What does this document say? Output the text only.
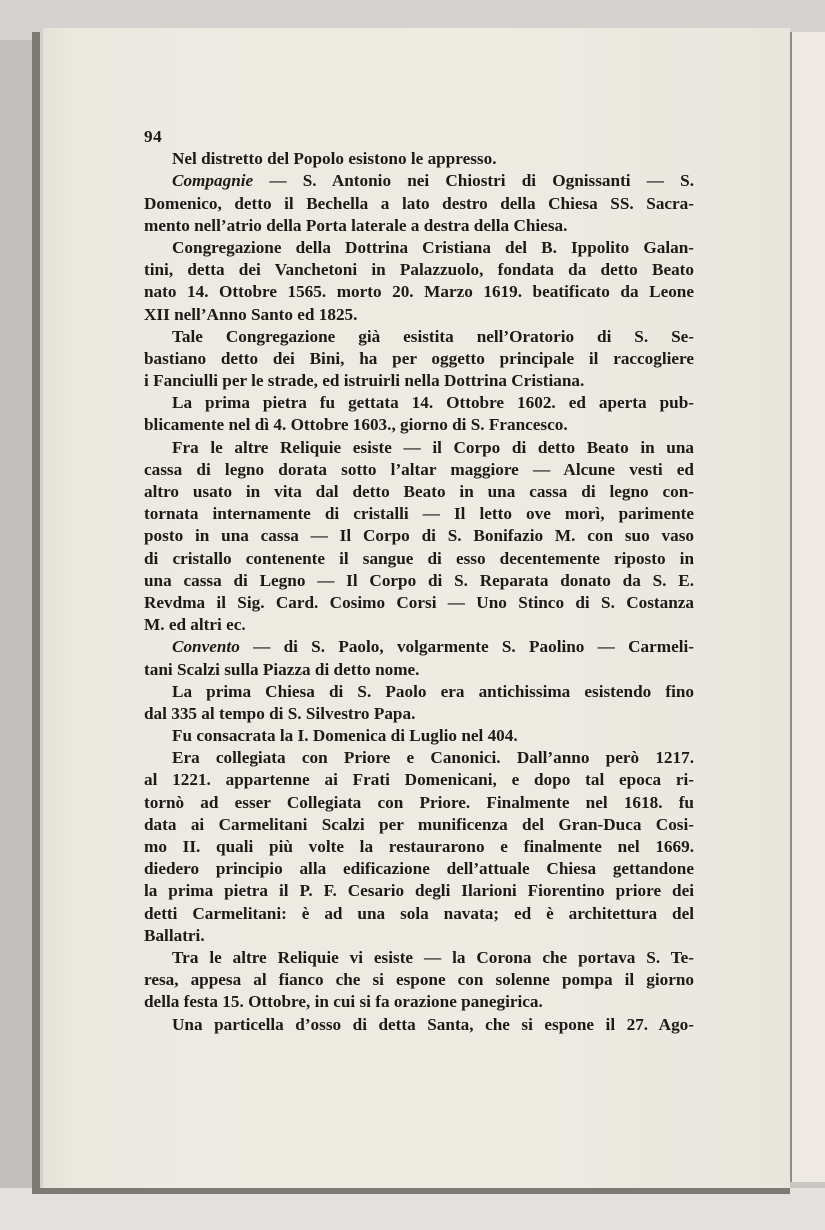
94
Nel distretto del Popolo esistono le appresso.
Compagnie — S. Antonio nei Chiostri di Ognissanti — S.
Domenico, detto il Bechella a lato destro della Chiesa SS. Sacra-
mento nell’atrio della Porta laterale a destra della Chiesa.
Congregazione della Dottrina Cristiana del B. Ippolito Galan-
tini, detta dei Vanchetoni in Palazzuolo, fondata da detto Beato
nato 14. Ottobre 1565. morto 20. Marzo 1619. beatificato da Leone
XII nell’Anno Santo ed 1825.
Tale Congregazione già esistita nell’Oratorio di S. Se-
bastiano detto dei Bini, ha per oggetto principale il raccogliere
i Fanciulli per le strade, ed istruirli nella Dottrina Cristiana.
La prima pietra fu gettata 14. Ottobre 1602. ed aperta pub-
blicamente nel dì 4. Ottobre 1603., giorno di S. Francesco.
Fra le altre Reliquie esiste — il Corpo di detto Beato in una
cassa di legno dorata sotto l’altar maggiore — Alcune vesti ed
altro usato in vita dal detto Beato in una cassa di legno con-
tornata internamente di cristalli — Il letto ove morì, parimente
posto in una cassa — Il Corpo di S. Bonifazio M. con suo vaso
di cristallo contenente il sangue di esso decentemente riposto in
una cassa di Legno — Il Corpo di S. Reparata donato da S. E.
Revdma il Sig. Card. Cosimo Corsi — Uno Stinco di S. Costanza
M. ed altri ec.
Convento — di S. Paolo, volgarmente S. Paolino — Carmeli-
tani Scalzi sulla Piazza di detto nome.
La prima Chiesa di S. Paolo era antichissima esistendo fino
dal 335 al tempo di S. Silvestro Papa.
Fu consacrata la I. Domenica di Luglio nel 404.
Era collegiata con Priore e Canonici. Dall’anno però 1217.
al 1221. appartenne ai Frati Domenicani, e dopo tal epoca ri-
tornò ad esser Collegiata con Priore. Finalmente nel 1618. fu
data ai Carmelitani Scalzi per munificenza del Gran-Duca Cosi-
mo II. quali più volte la restaurarono e finalmente nel 1669.
diedero principio alla edificazione dell’attuale Chiesa gettandone
la prima pietra il P. F. Cesario degli Ilarioni Fiorentino priore dei
detti Carmelitani: è ad una sola navata; ed è architettura del
Ballatri.
Tra le altre Reliquie vi esiste — la Corona che portava S. Te-
resa, appesa al fianco che si espone con solenne pompa il giorno
della festa 15. Ottobre, in cui si fa orazione panegirica.
Una particella d’osso di detta Santa, che si espone il 27. Ago-
